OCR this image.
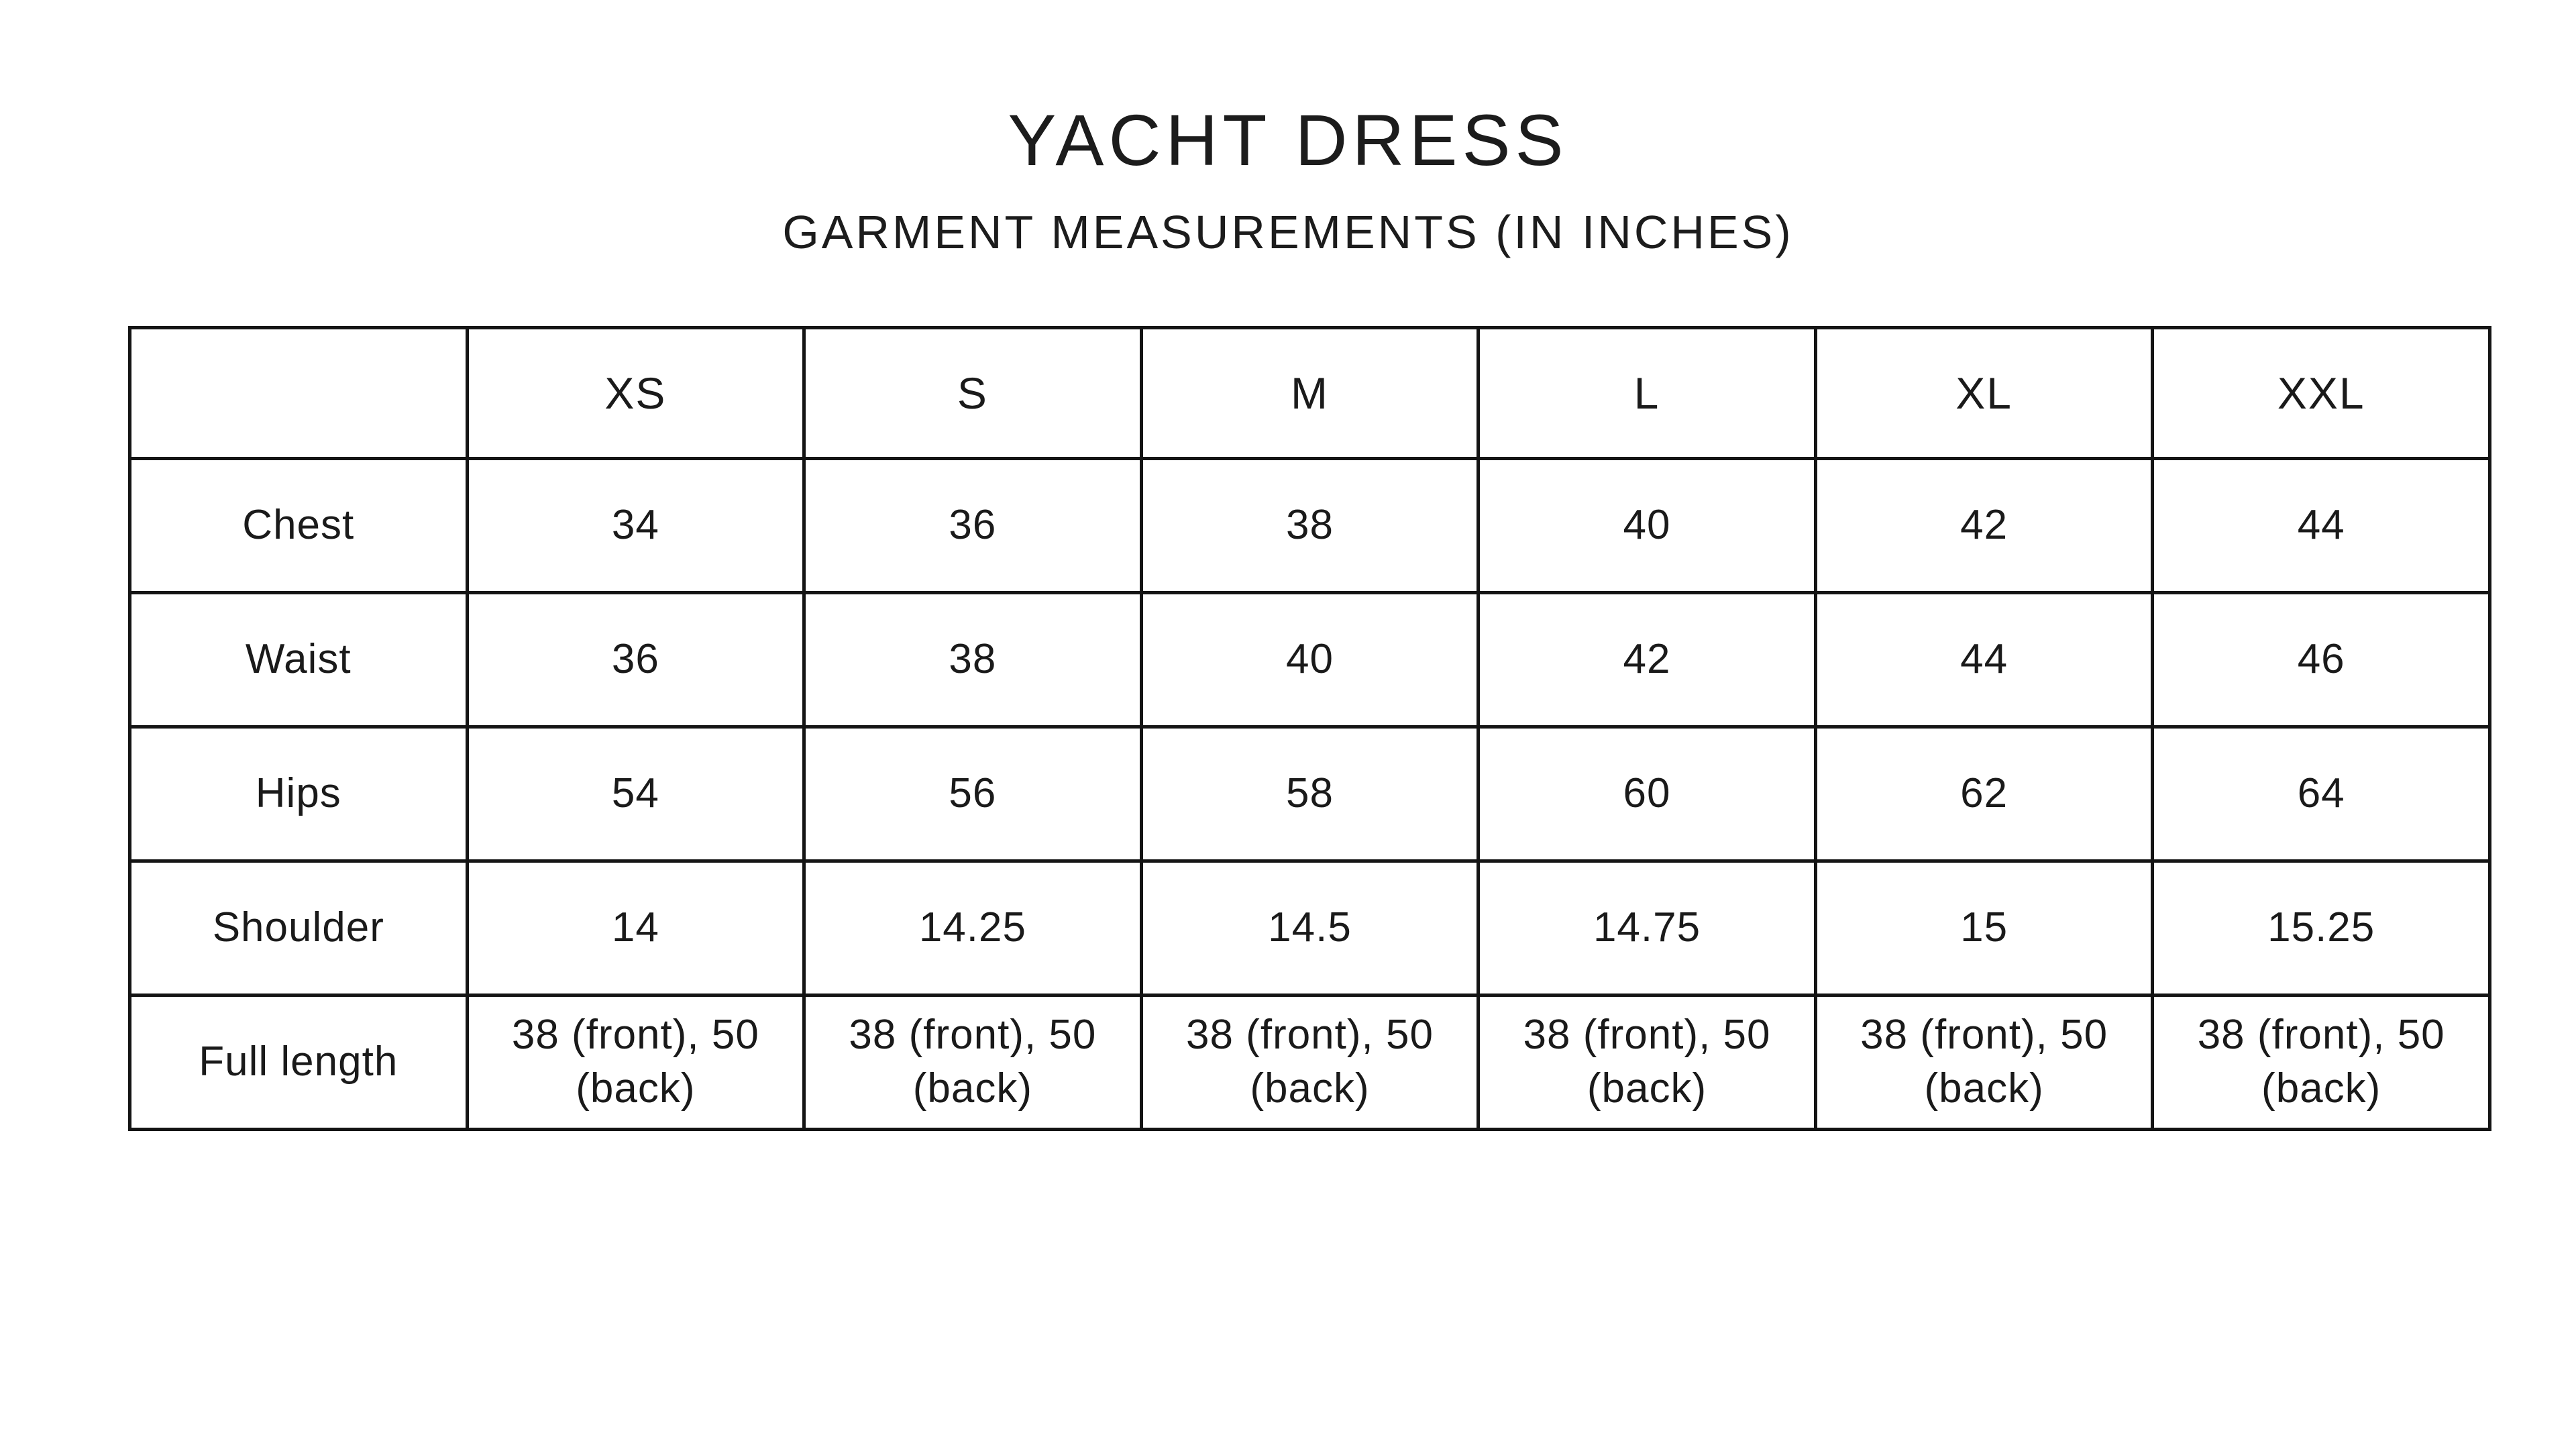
YACHT DRESS
GARMENT MEASUREMENTS (IN INCHES)
	XS	S	M	L	XL	XXL
Chest	34	36	38	40	42	44
Waist	36	38	40	42	44	46
Hips	54	56	58	60	62	64
Shoulder	14	14.25	14.5	14.75	15	15.25
Full length	38 (front), 50 (back)	38 (front), 50 (back)	38 (front), 50 (back)	38 (front), 50 (back)	38 (front), 50 (back)	38 (front), 50 (back)
